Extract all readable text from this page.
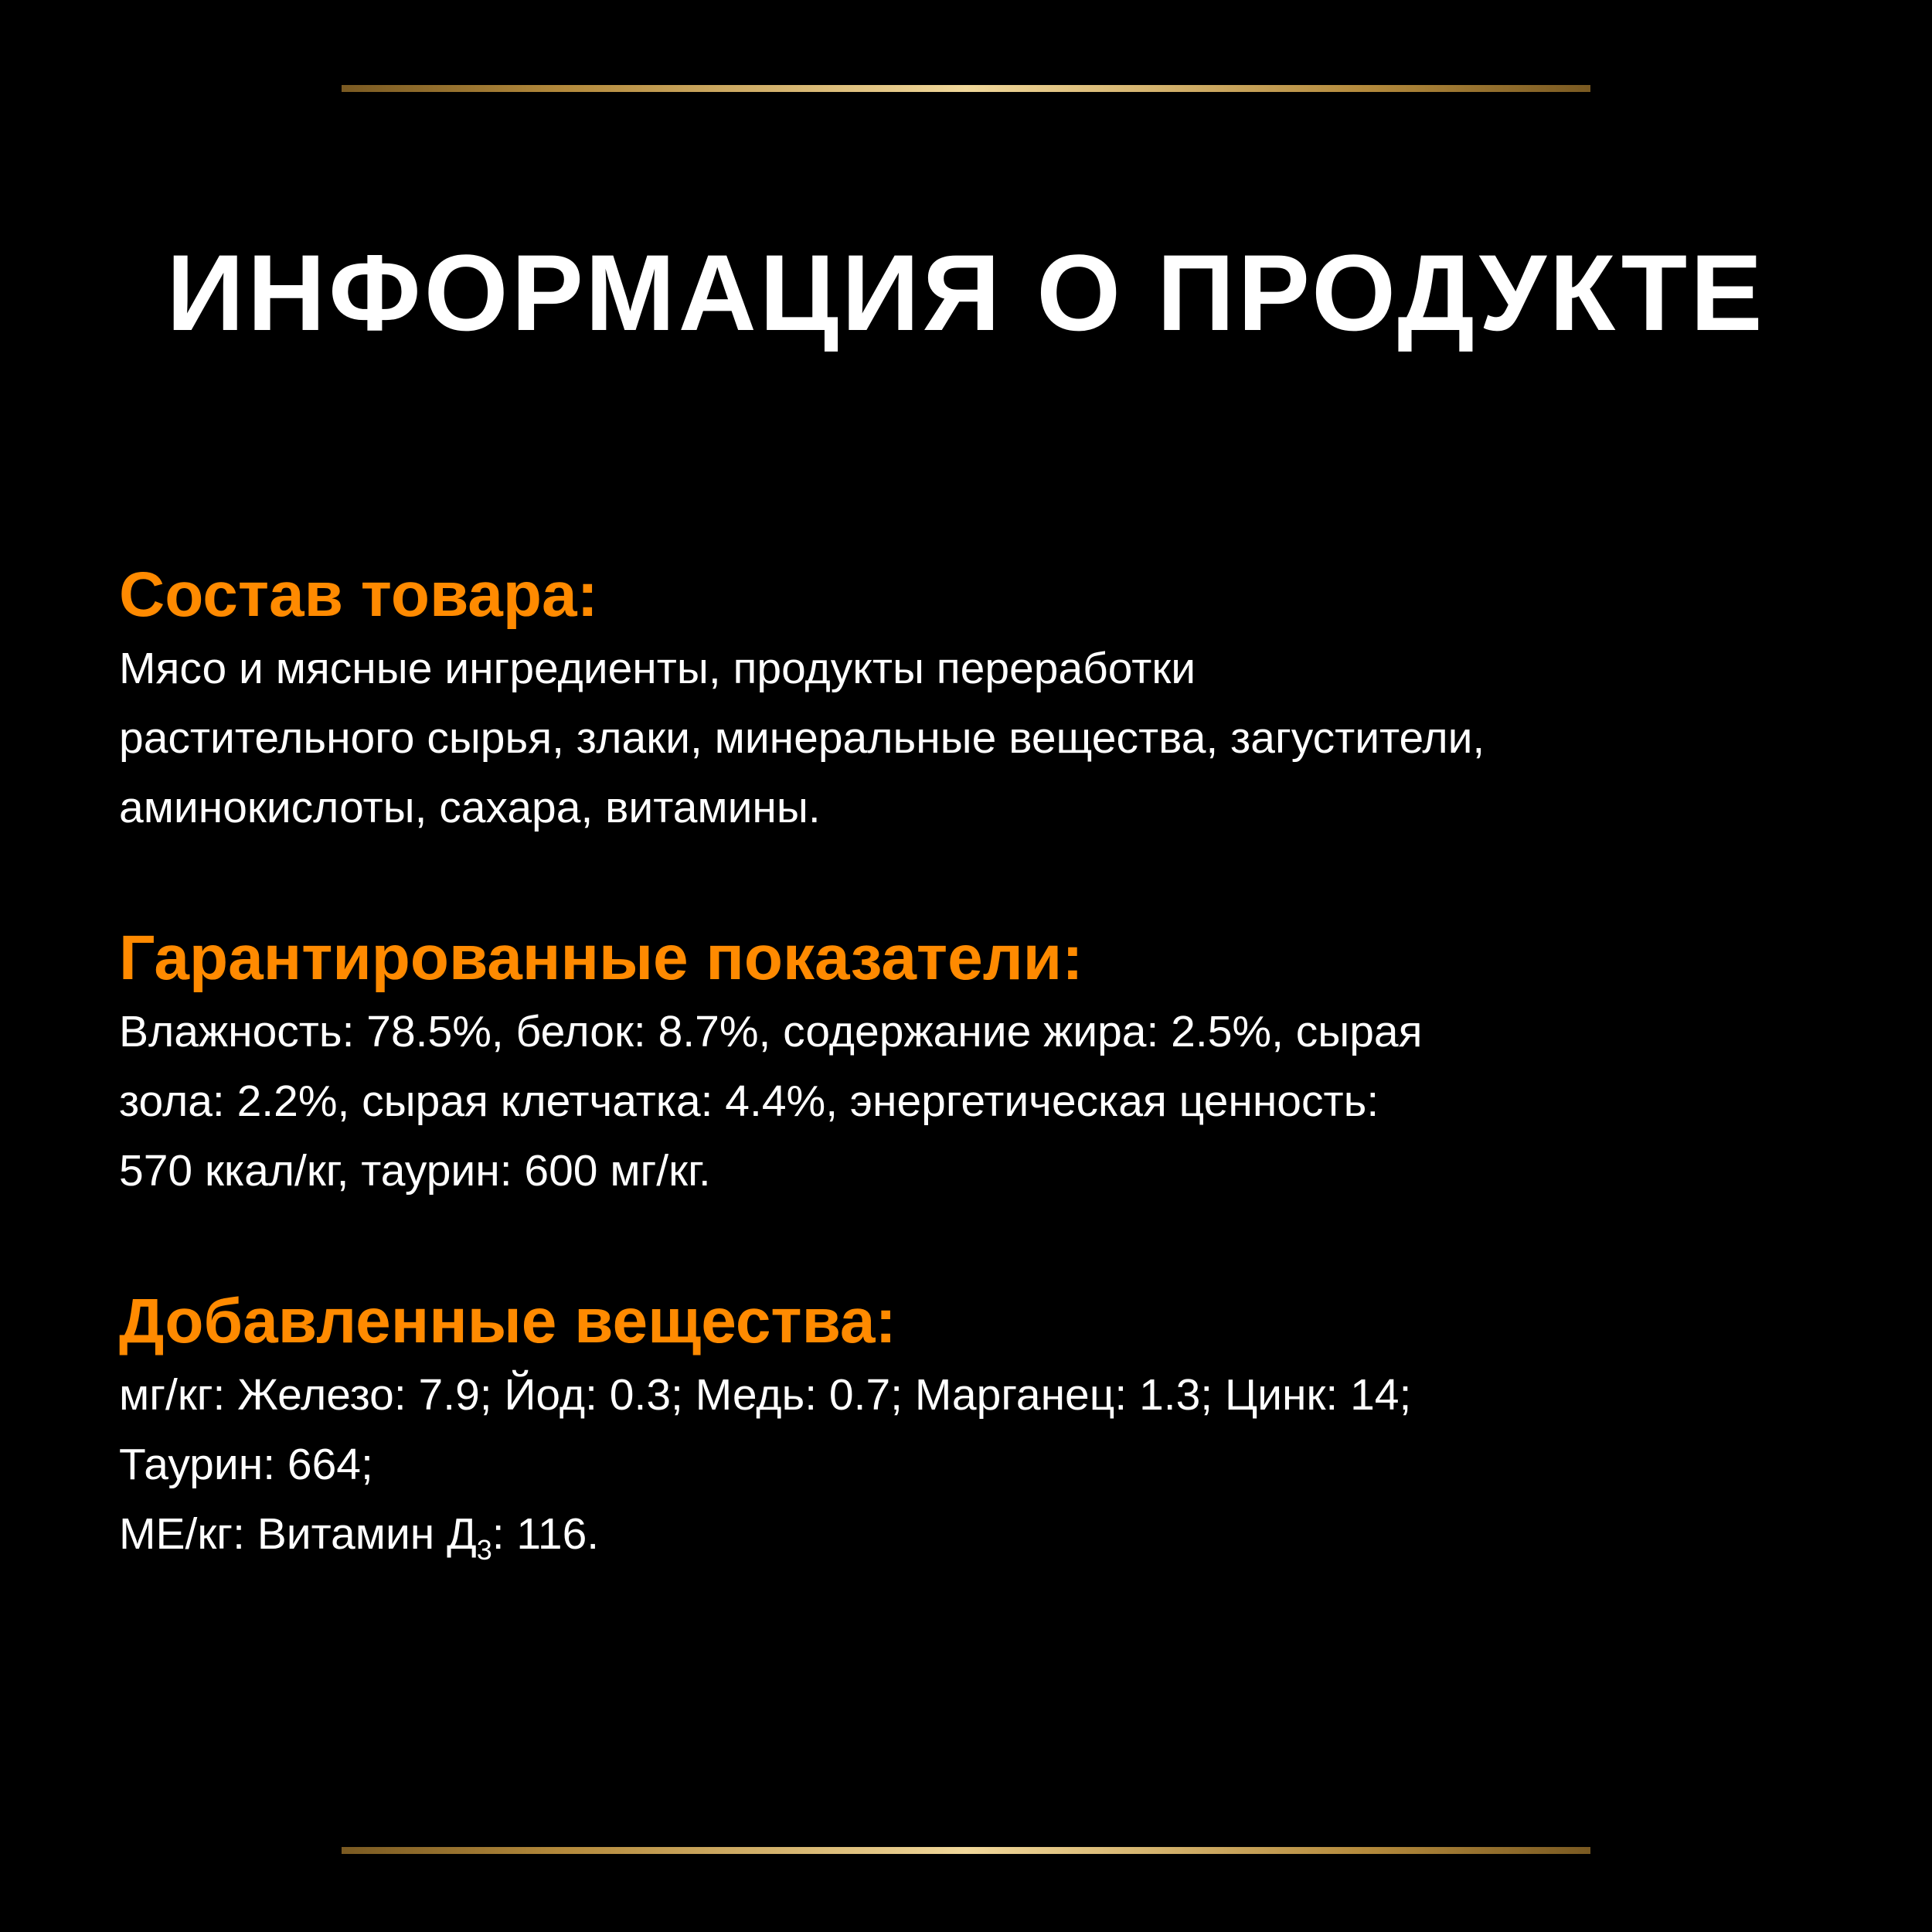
ИНФОРМАЦИЯ О ПРОДУКТЕ
Состав товара:

Мясо и мясные ингредиенты, продукты переработки
растительного сырья, злаки, минеральные вещества, загустители,
аминокислоты, сахара, витамины.

Гарантированные показатели:

Влажность: 78.5%, белок: 8.7%, содержание жира: 2.5%, сырая
зола: 2.2%, сырая клетчатка: 4.4%, энергетическая ценность:
570 ккал/кг, таурин: 600 мг/кг.

Добавленные вещества:

мг/кг: Железо: 7.9; Йод: 0.3; Медь: 0.7; Марганец: 1.3; Цинк: 14;
Таурин: 664;
МЕ/кг: Витамин $Д_3$: 116.
